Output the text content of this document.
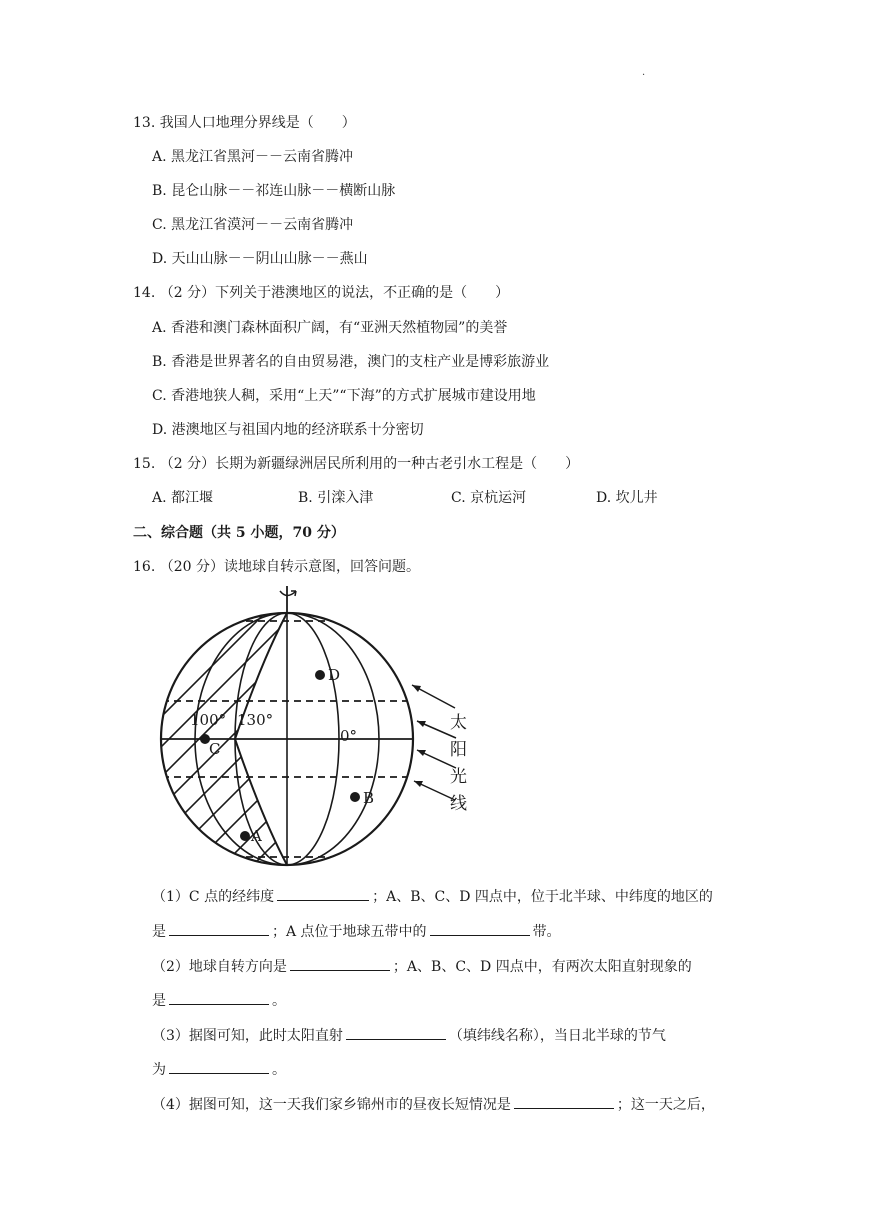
·
13. 我国人口地理分界线是（　　）
A. 黑龙江省黑河－－云南省腾冲
B. 昆仑山脉－－祁连山脉－－横断山脉
C. 黑龙江省漠河－－云南省腾冲
D. 天山山脉－－阴山山脉－－燕山
14. （2 分）下列关于港澳地区的说法，不正确的是（　　）
A. 香港和澳门森林面积广阔，有“亚洲天然植物园”的美誉
B. 香港是世界著名的自由贸易港，澳门的支柱产业是博彩旅游业
C. 香港地狭人稠，采用“上天”“下海”的方式扩展城市建设用地
D. 港澳地区与祖国内地的经济联系十分密切
15. （2 分）长期为新疆绿洲居民所利用的一种古老引水工程是（　　）
A. 都江堰	B. 引滦入津	C. 京杭运河	D. 坎儿井
二、综合题（共 5 小题，70 分）
16. （20 分）读地球自转示意图，回答问题。
D
C
B
A
100° 130°
0°
太
阳
光
线
（1）C 点的经纬度	；A、B、C、D 四点中，位于北半球、中纬度的地区的
是	；A 点位于地球五带中的	带。
（2）地球自转方向是	；A、B、C、D 四点中，有两次太阳直射现象的
是	。
（3）据图可知，此时太阳直射	（填纬线名称），当日北半球的节气
为	。
（4）据图可知，这一天我们家乡锦州市的昼夜长短情况是	；这一天之后，
